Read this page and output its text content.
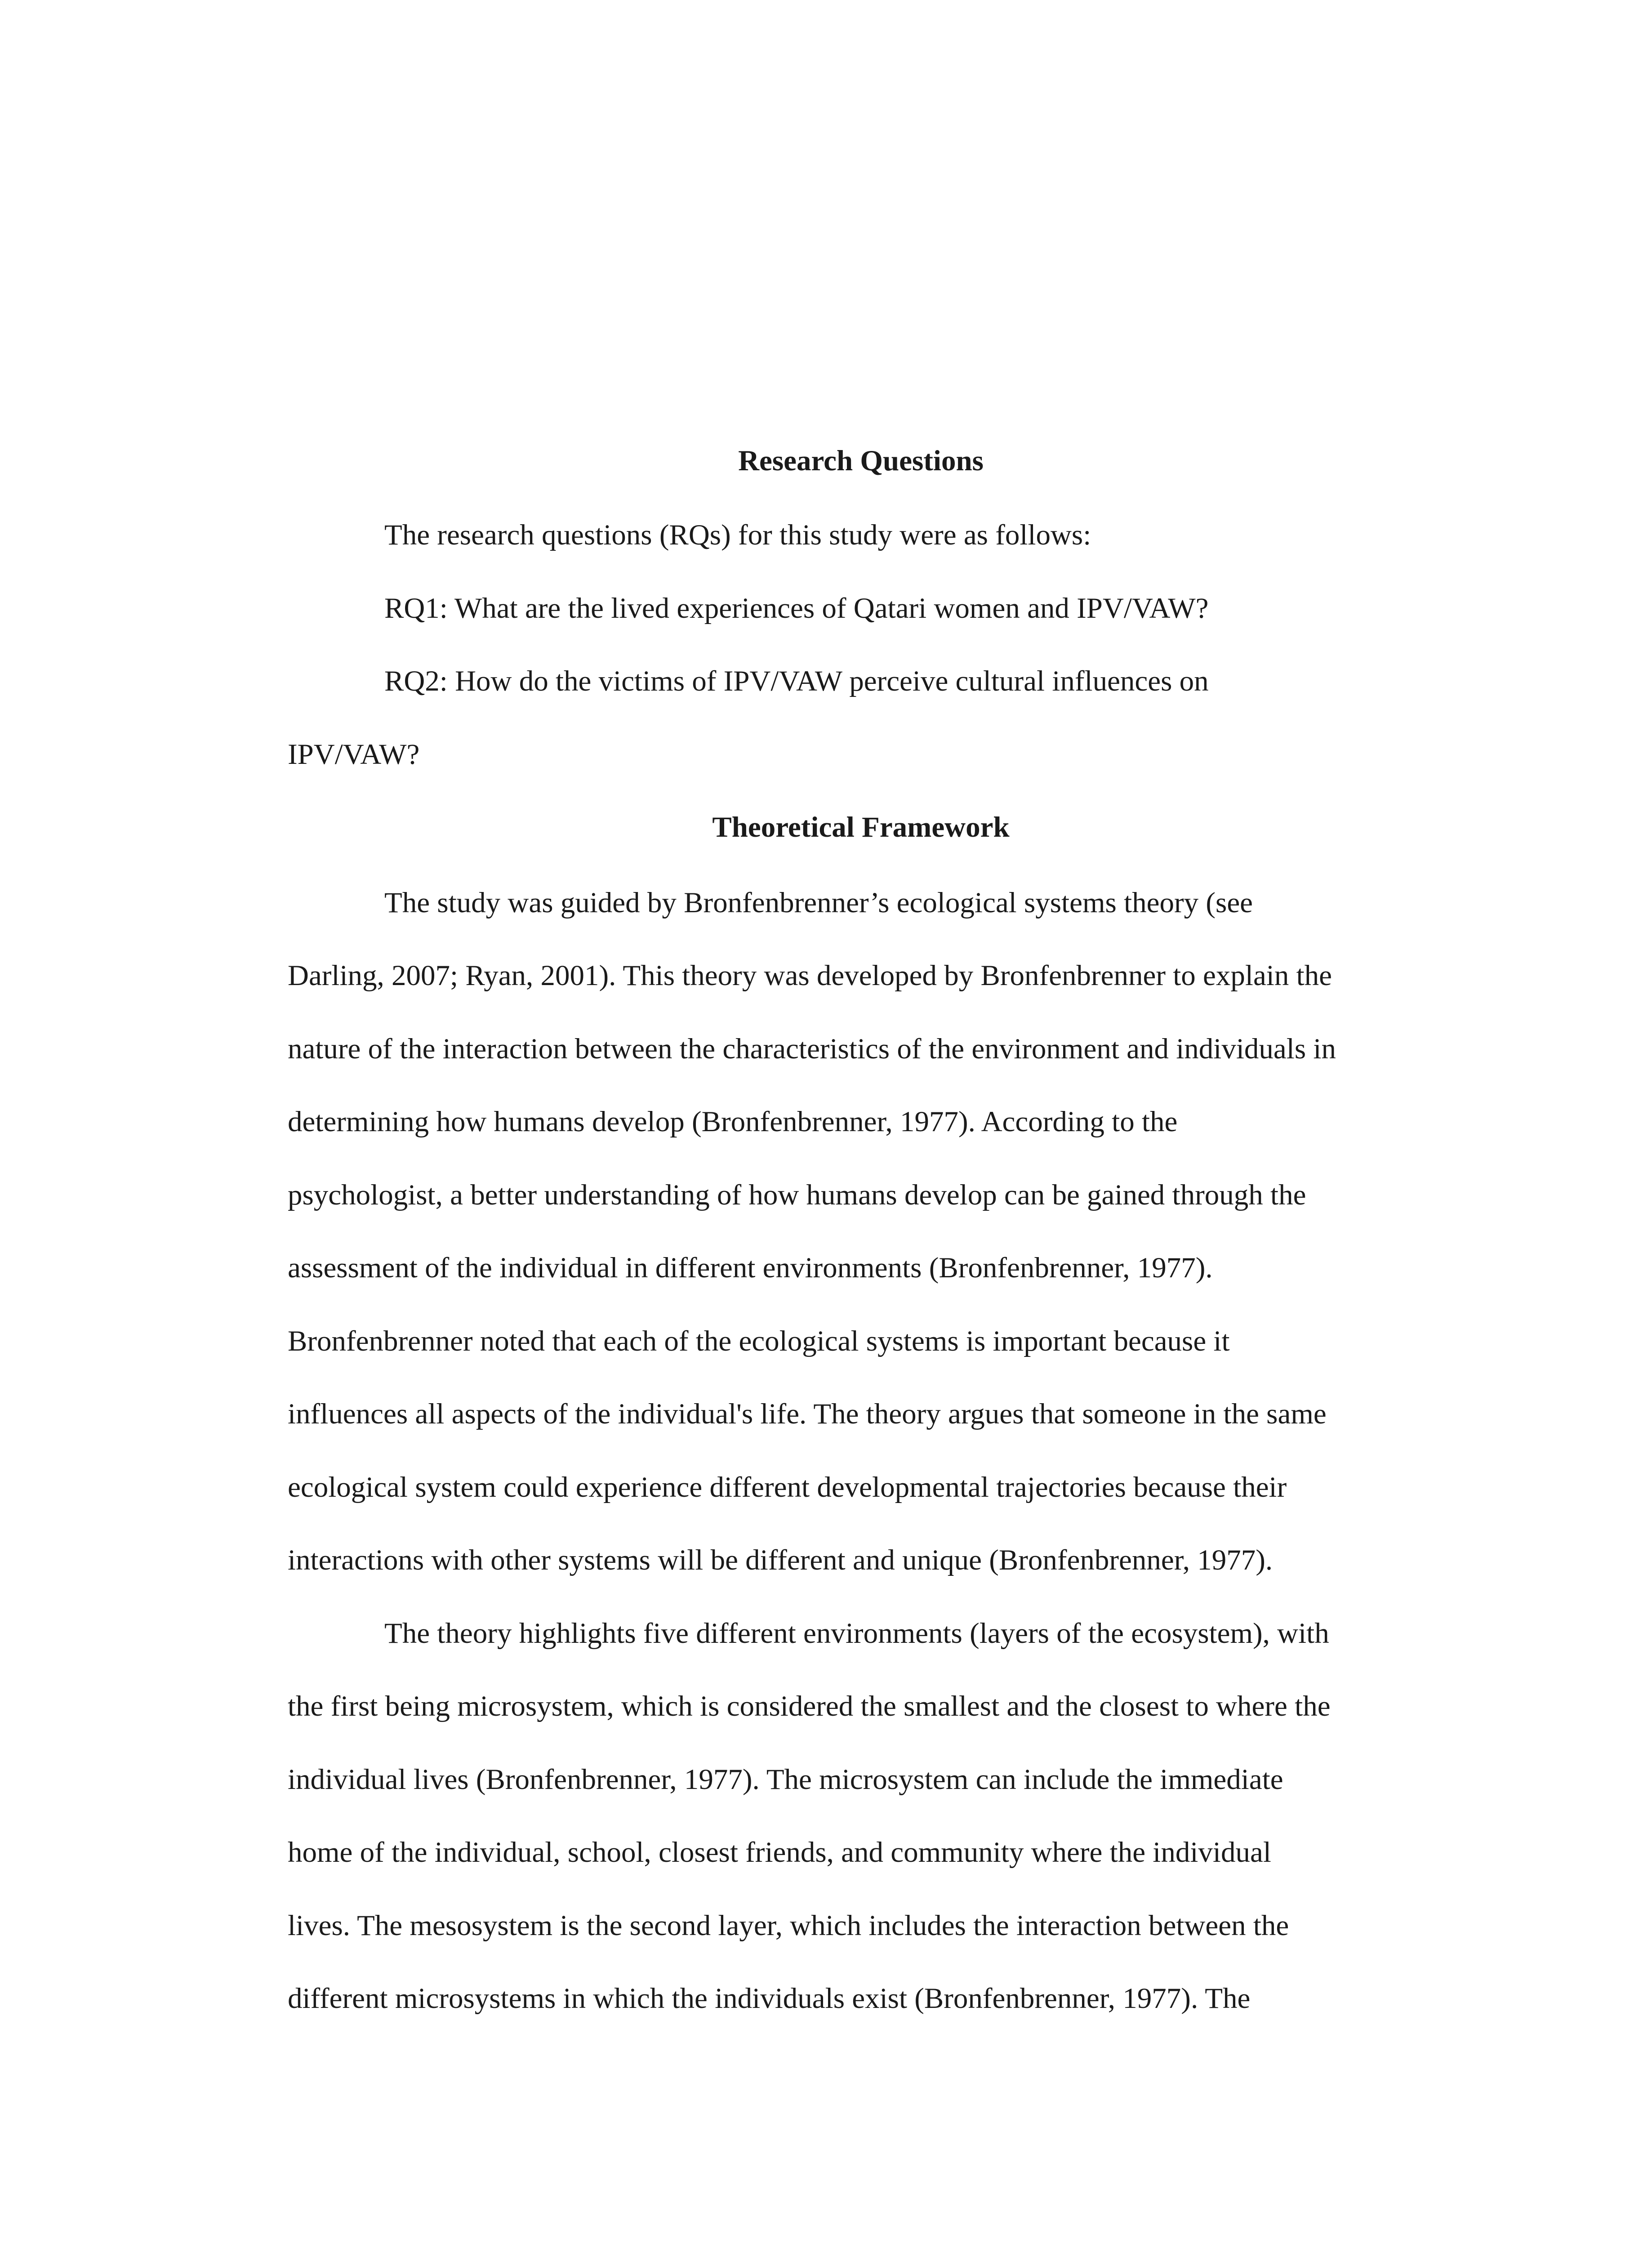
Research Questions
The research questions (RQs) for this study were as follows:
RQ1: What are the lived experiences of Qatari women and IPV/VAW?
RQ2: How do the victims of IPV/VAW perceive cultural influences on
IPV/VAW?
Theoretical Framework
The study was guided by Bronfenbrenner’s ecological systems theory (see
Darling, 2007; Ryan, 2001). This theory was developed by Bronfenbrenner to explain the
nature of the interaction between the characteristics of the environment and individuals in
determining how humans develop (Bronfenbrenner, 1977). According to the
psychologist, a better understanding of how humans develop can be gained through the
assessment of the individual in different environments (Bronfenbrenner, 1977).
Bronfenbrenner noted that each of the ecological systems is important because it
influences all aspects of the individual's life. The theory argues that someone in the same
ecological system could experience different developmental trajectories because their
interactions with other systems will be different and unique (Bronfenbrenner, 1977).
The theory highlights five different environments (layers of the ecosystem), with
the first being microsystem, which is considered the smallest and the closest to where the
individual lives (Bronfenbrenner, 1977). The microsystem can include the immediate
home of the individual, school, closest friends, and community where the individual
lives. The mesosystem is the second layer, which includes the interaction between the
different microsystems in which the individuals exist (Bronfenbrenner, 1977). The
